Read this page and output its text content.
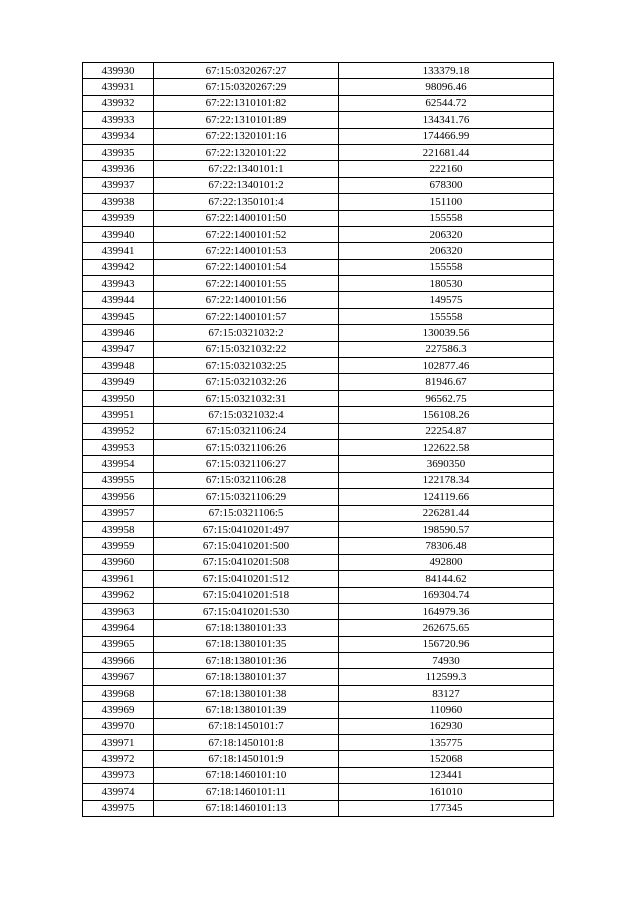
439930	67:15:0320267:27	133379.18
439931	67:15:0320267:29	98096.46
439932	67:22:1310101:82	62544.72
439933	67:22:1310101:89	134341.76
439934	67:22:1320101:16	174466.99
439935	67:22:1320101:22	221681.44
439936	67:22:1340101:1	222160
439937	67:22:1340101:2	678300
439938	67:22:1350101:4	151100
439939	67:22:1400101:50	155558
439940	67:22:1400101:52	206320
439941	67:22:1400101:53	206320
439942	67:22:1400101:54	155558
439943	67:22:1400101:55	180530
439944	67:22:1400101:56	149575
439945	67:22:1400101:57	155558
439946	67:15:0321032:2	130039.56
439947	67:15:0321032:22	227586.3
439948	67:15:0321032:25	102877.46
439949	67:15:0321032:26	81946.67
439950	67:15:0321032:31	96562.75
439951	67:15:0321032:4	156108.26
439952	67:15:0321106:24	22254.87
439953	67:15:0321106:26	122622.58
439954	67:15:0321106:27	3690350
439955	67:15:0321106:28	122178.34
439956	67:15:0321106:29	124119.66
439957	67:15:0321106:5	226281.44
439958	67:15:0410201:497	198590.57
439959	67:15:0410201:500	78306.48
439960	67:15:0410201:508	492800
439961	67:15:0410201:512	84144.62
439962	67:15:0410201:518	169304.74
439963	67:15:0410201:530	164979.36
439964	67:18:1380101:33	262675.65
439965	67:18:1380101:35	156720.96
439966	67:18:1380101:36	74930
439967	67:18:1380101:37	112599.3
439968	67:18:1380101:38	83127
439969	67:18:1380101:39	110960
439970	67:18:1450101:7	162930
439971	67:18:1450101:8	135775
439972	67:18:1450101:9	152068
439973	67:18:1460101:10	123441
439974	67:18:1460101:11	161010
439975	67:18:1460101:13	177345
